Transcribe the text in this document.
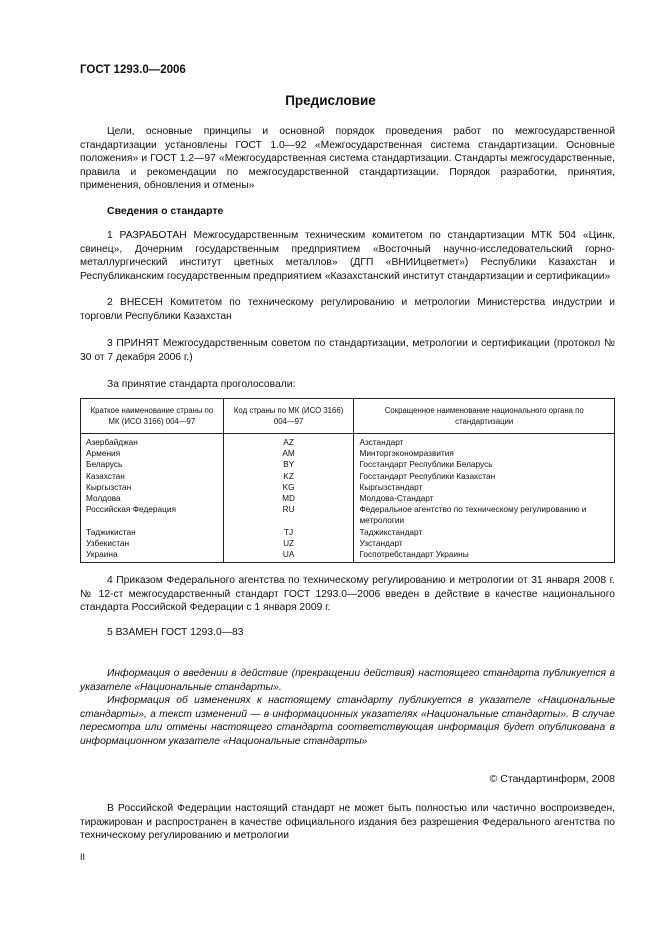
ГОСТ 1293.0—2006
Предисловие

Цели, основные принципы и основной порядок проведения работ по межгосударственной стандартизации установлены ГОСТ 1.0—92 «Межгосударственная система стандартизации. Основные положения» и ГОСТ 1.2—97 «Межгосударственная система стандартизации. Стандарты межгосударственные, правила и рекомендации по межгосударственной стандартизации. Порядок разработки, принятия, применения, обновления и отмены»

Сведения о стандарте

1 РАЗРАБОТАН Межгосударственным техническим комитетом по стандартизации МТК 504 «Цинк, свинец», Дочерним государственным предприятием «Восточный научно-исследовательский горно-металлургический институт цветных металлов» (ДГП «ВНИИцветмет») Республики Казахстан и Республиканским государственным предприятием «Казахстанский институт стандартизации и сертификации»

2 ВНЕСЕН Комитетом по техническому регулированию и метрологии Министерства индустрии и торговли Республики Казахстан

3 ПРИНЯТ Межгосударственным советом по стандартизации, метрологии и сертификации (протокол № 30 от 7 декабря 2006 г.)

За принятие стандарта проголосовали:

Краткое наименование страны по МК (ИСО 3166) 004—97	Код страны по МК (ИСО 3166) 004—97	Сокращенное наименование национального органа по стандартизации
Азербайджан	AZ	Азстандарт
Армения	AM	Минторгэкономразвития
Беларусь	BY	Госстандарт Республики Беларусь
Казахстан	KZ	Госстандарт Республики Казахстан
Кыргызстан	KG	Кыргызстандарт
Молдова	MD	Молдова-Стандарт
Российская Федерация	RU	Федеральное агентство по техническому регулированию и метрологии
Таджикистан	TJ	Таджикстандарт
Узбекистан	UZ	Узстандарт
Украина	UA	Госпотребстандарт Украины

4 Приказом Федерального агентства по техническому регулированию и метрологии от 31 января 2008 г. № 12-ст межгосударственный стандарт ГОСТ 1293.0—2006 введен в действие в качестве национального стандарта Российской Федерации с 1 января 2009 г.

5 ВЗАМЕН ГОСТ 1293.0—83

Информация о введении в действие (прекращении действия) настоящего стандарта публикуется в указателе «Национальные стандарты».

Информация об изменениях к настоящему стандарту публикуется в указателе «Национальные стандарты», а текст изменений — в информационных указателях «Национальные стандарты». В случае пересмотра или отмены настоящего стандарта соответствующая информация будет опубликована в информационном указателе «Национальные стандарты»

© Стандартинформ, 2008

В Российской Федерации настоящий стандарт не может быть полностью или частично воспроизведен, тиражирован и распространен в качестве официального издания без разрешения Федерального агентства по техническому регулированию и метрологии

II
